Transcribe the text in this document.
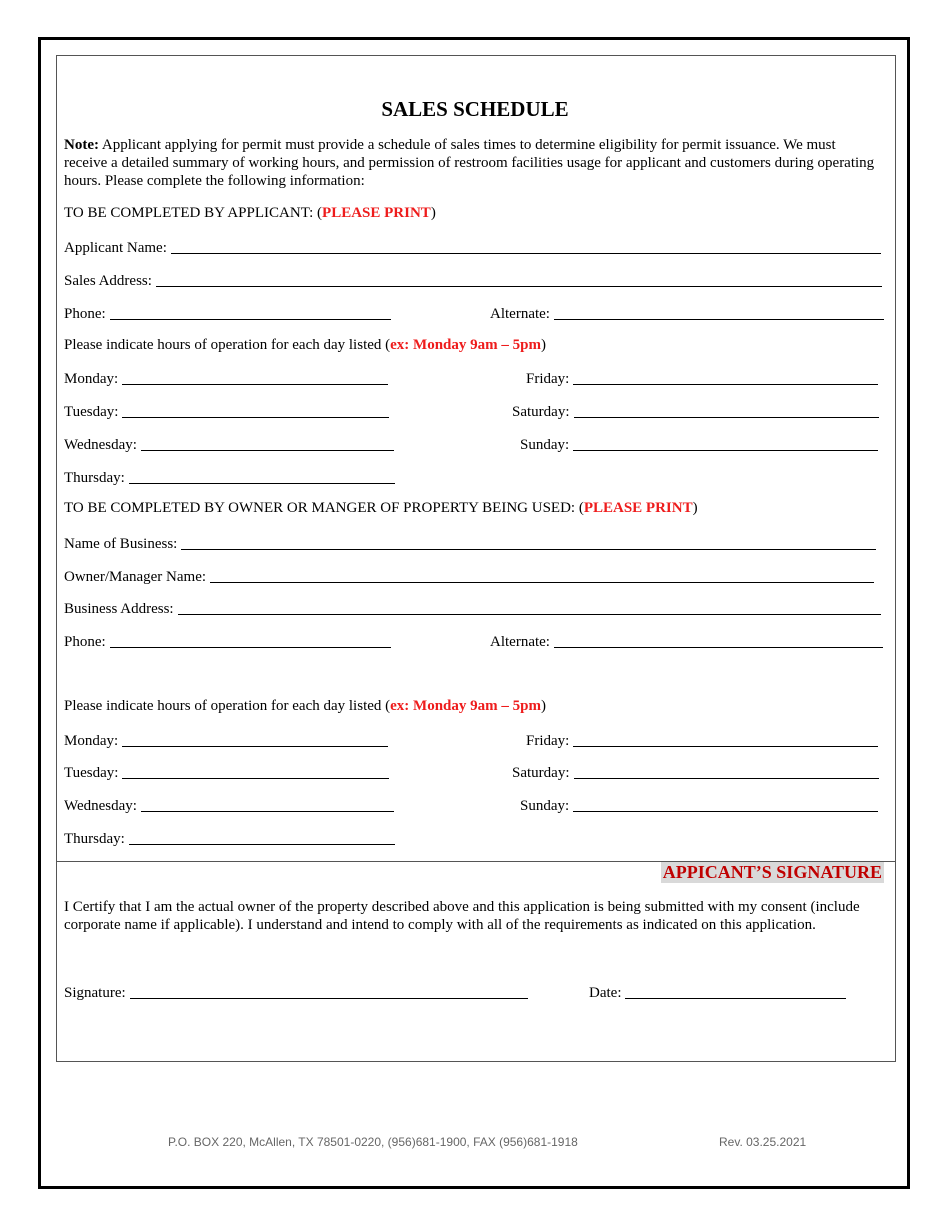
SALES SCHEDULE
Note: Applicant applying for permit must provide a schedule of sales times to determine eligibility for permit issuance. We must receive a detailed summary of working hours, and permission of restroom facilities usage for applicant and customers during operating hours. Please complete the following information:
TO BE COMPLETED BY APPLICANT: (PLEASE PRINT)
Applicant Name:
Sales Address:
Phone:	Alternate:
Please indicate hours of operation for each day listed (ex: Monday 9am – 5pm)
Monday:	Friday:
Tuesday:	Saturday:
Wednesday:	Sunday:
Thursday:
TO BE COMPLETED BY OWNER OR MANGER OF PROPERTY BEING USED: (PLEASE PRINT)
Name of Business:
Owner/Manager Name:
Business Address:
Phone:	Alternate:
Please indicate hours of operation for each day listed (ex: Monday 9am – 5pm)
Monday:	Friday:
Tuesday:	Saturday:
Wednesday:	Sunday:
Thursday:
APPICANT’S SIGNATURE
I Certify that I am the actual owner of the property described above and this application is being submitted with my consent (include corporate name if applicable). I understand and intend to comply with all of the requirements as indicated on this application.
Signature:	Date:
P.O. BOX 220, McAllen, TX 78501-0220, (956)681-1900, FAX (956)681-1918	Rev. 03.25.2021
